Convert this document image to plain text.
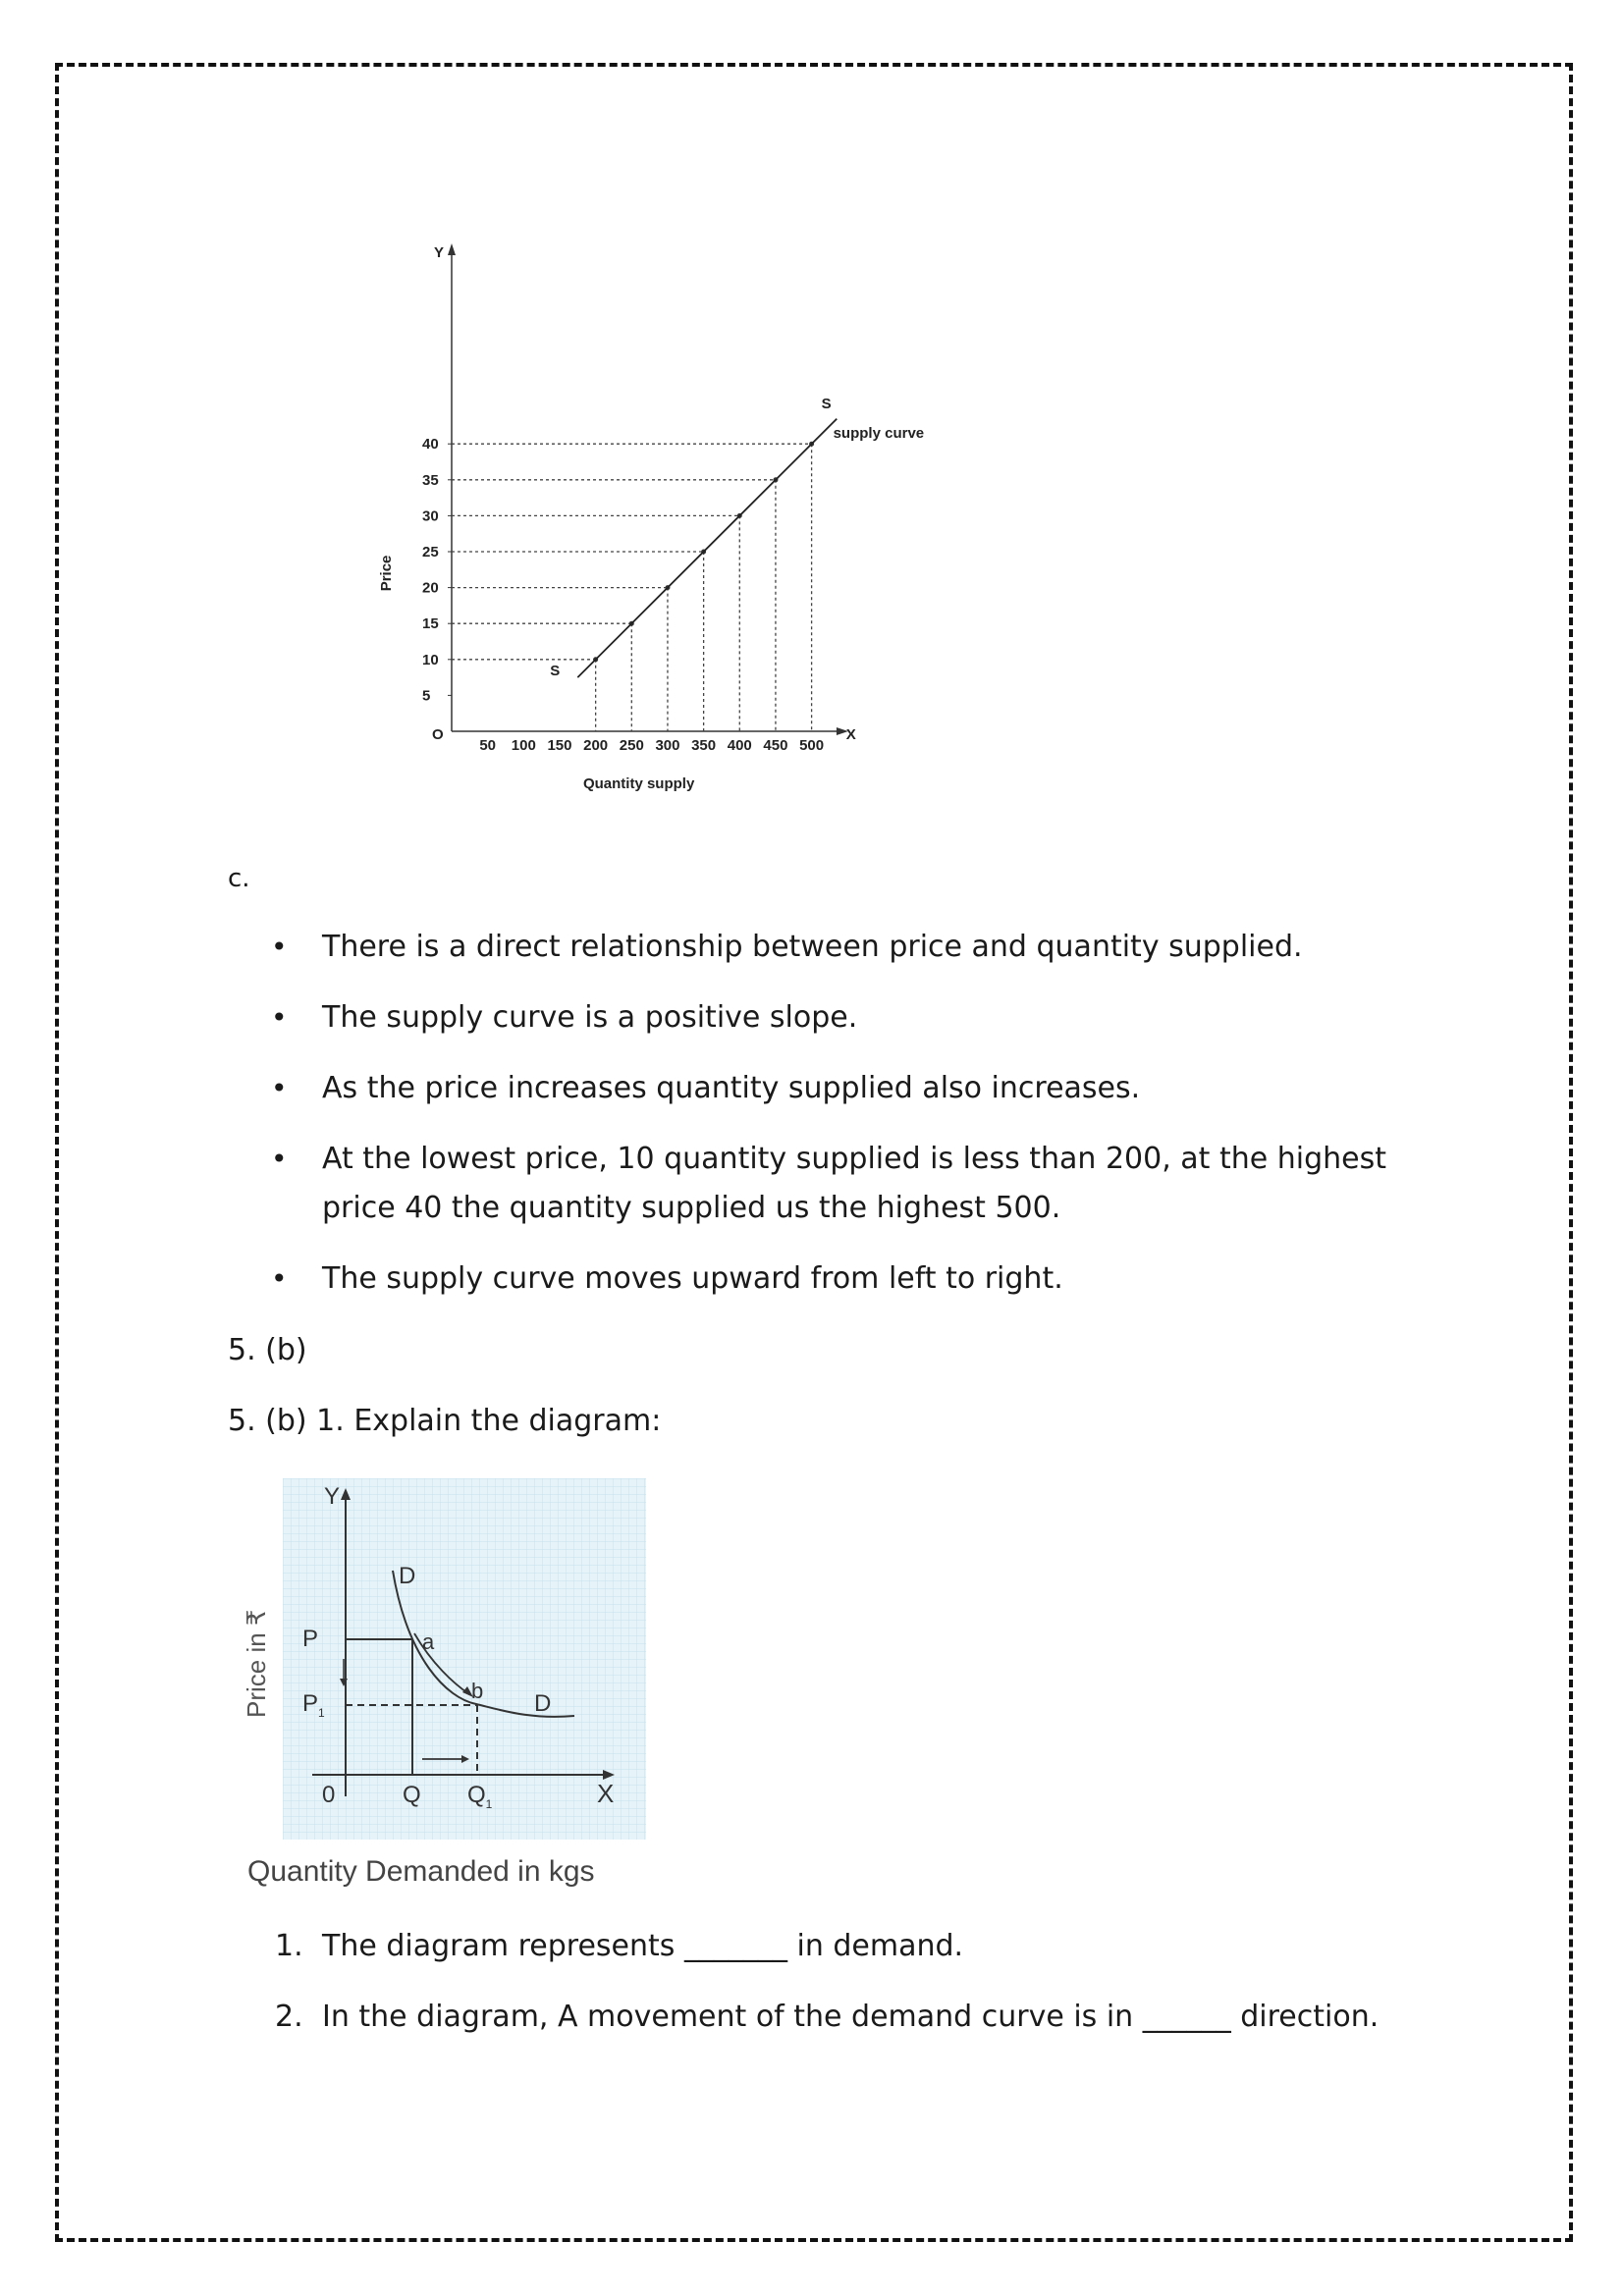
Y
X
O
5
10
15
20
25
30
35
40
50 100 150 200 250 300 350 400 450 500
S
S
supply curve
Quantity supply
Price
c.
• There is a direct relationship between price and quantity supplied.
• The supply curve is a positive slope.
• As the price increases quantity supplied also increases.
• At the lowest price, 10 quantity supplied is less than 200, at the highest price 40 the quantity supplied us the highest 500.
• The supply curve moves upward from left to right.
5. (b)
5. (b) 1. Explain the diagram:
Y
X
0
D
D
a
b
P
$P_1$
Q $Q_1$
Price in ₹
Quantity Demanded in kgs
1. The diagram represents _______ in demand.
2. In the diagram, A movement of the demand curve is in ______ direction.
